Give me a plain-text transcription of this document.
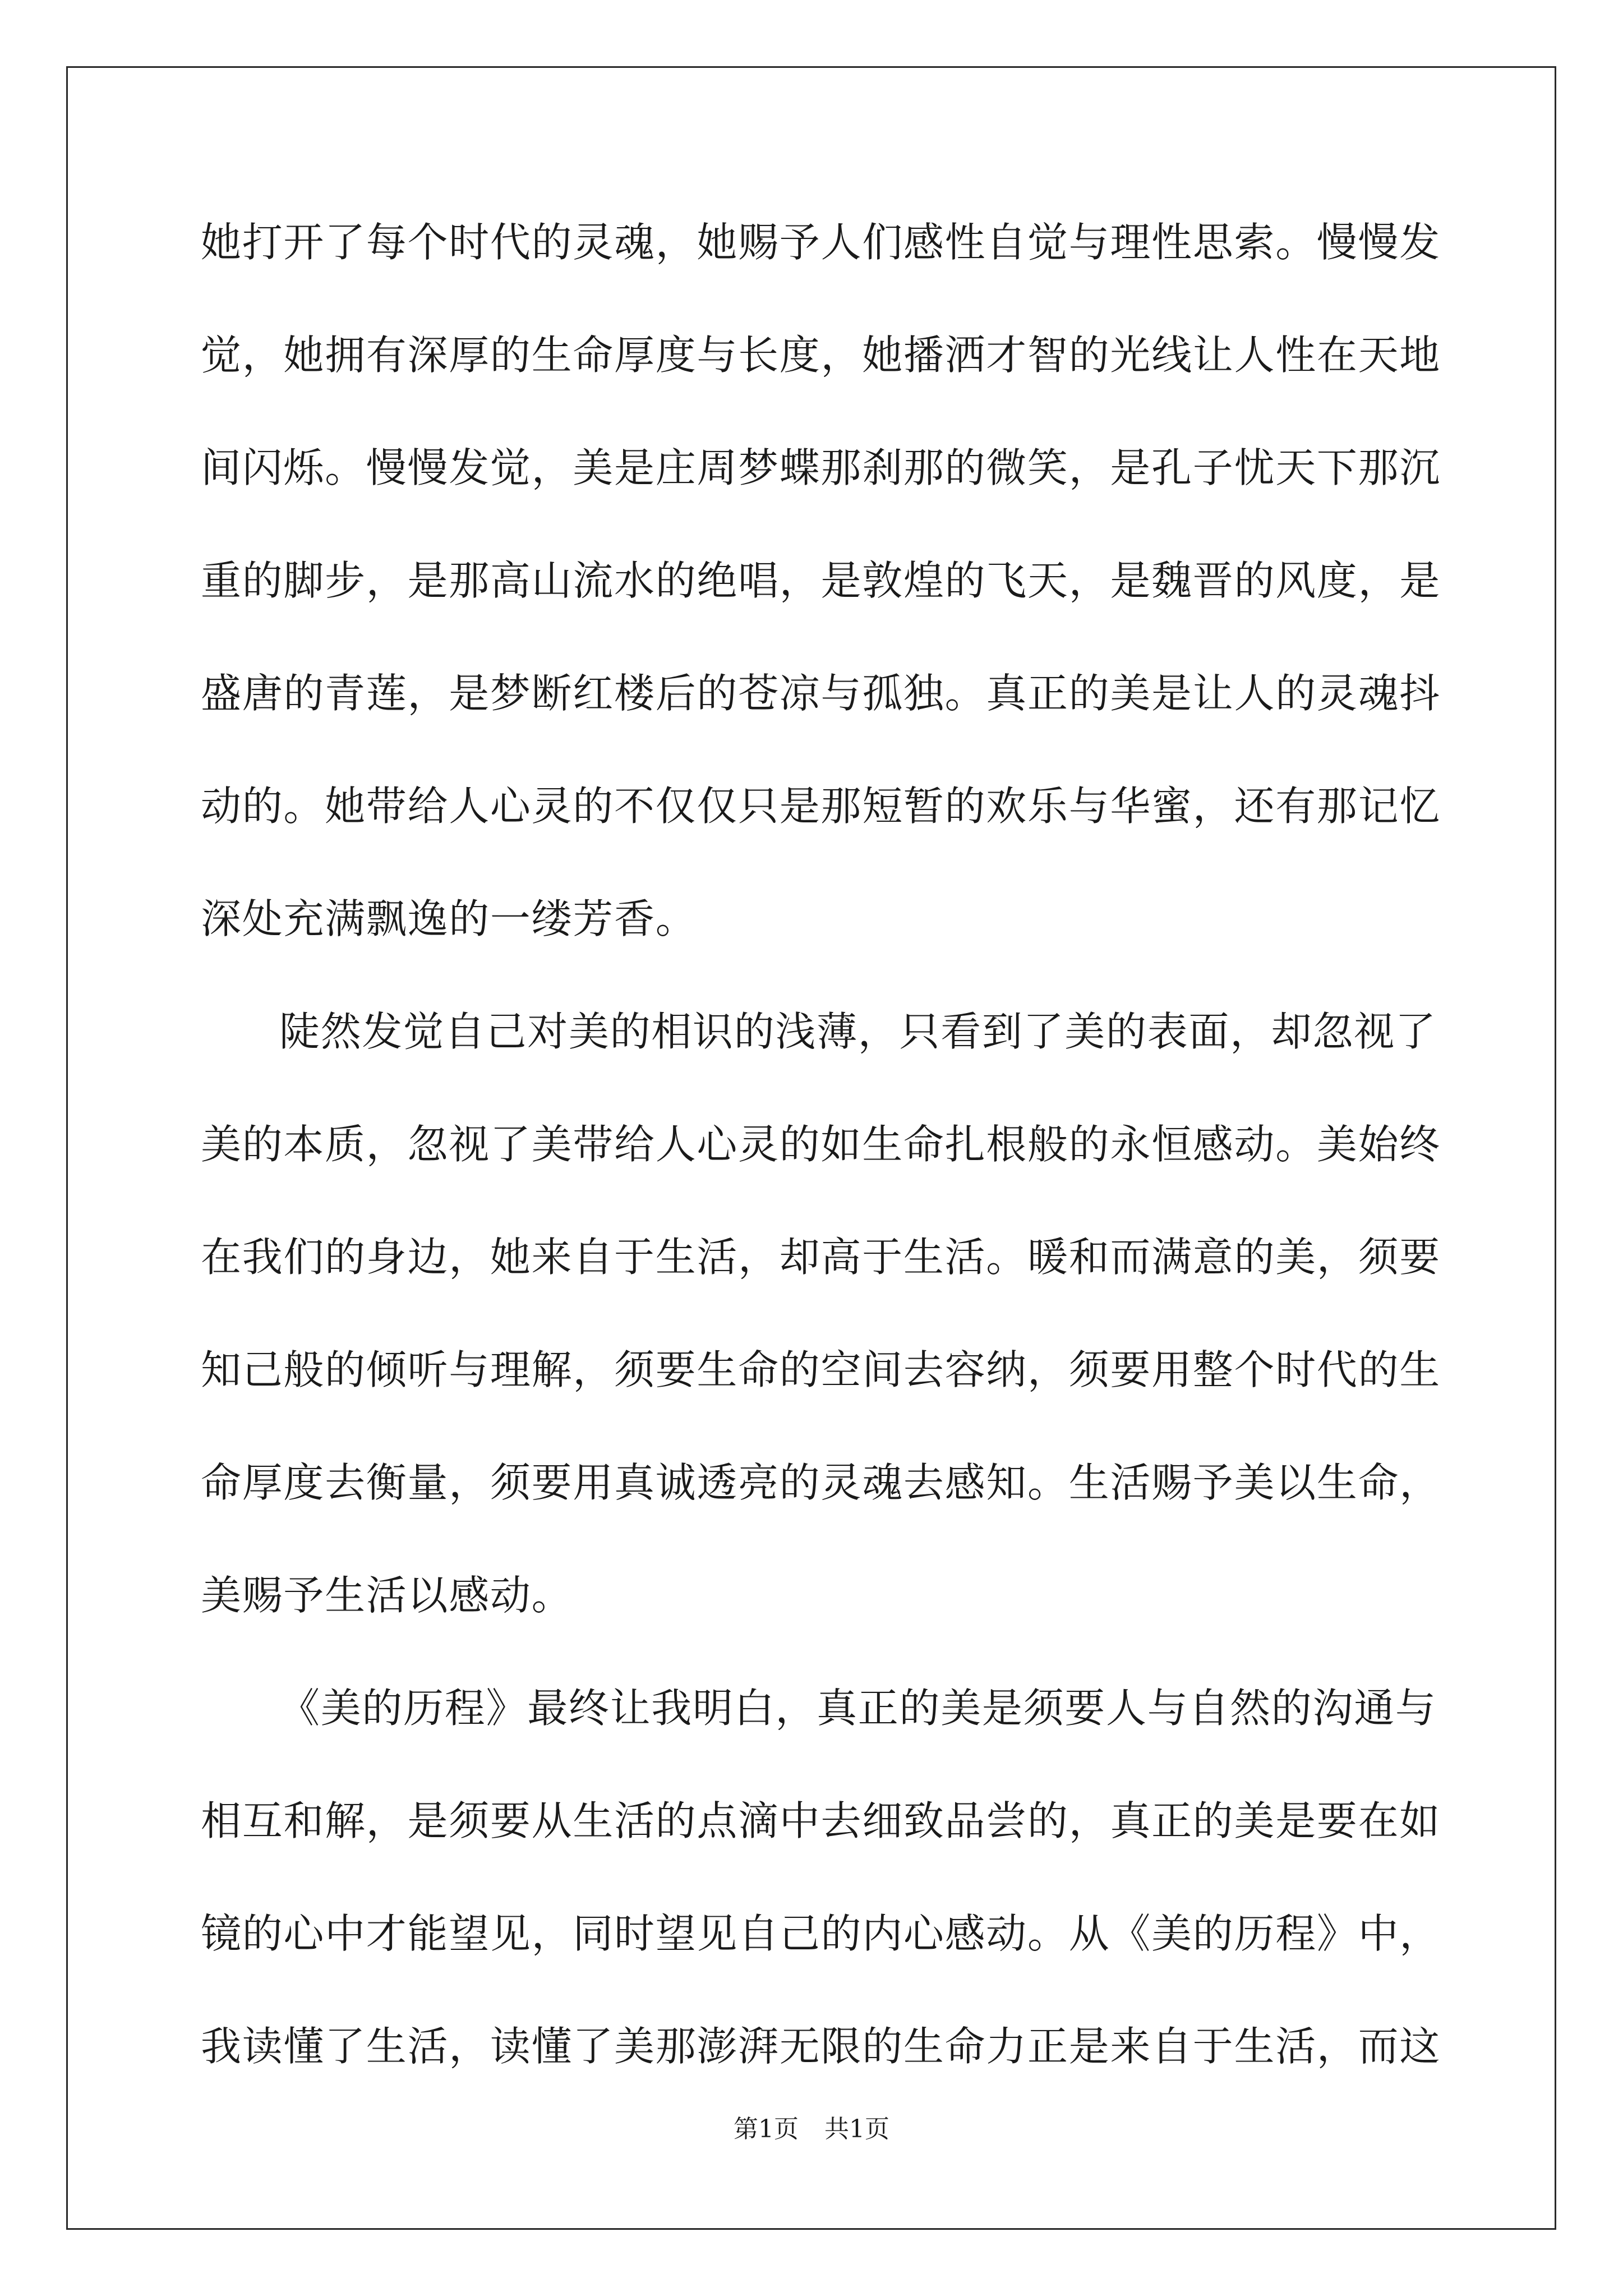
她打开了每个时代的灵魂，她赐予人们感性自觉与理性思索。慢慢发
觉，她拥有深厚的生命厚度与长度，她播洒才智的光线让人性在天地
间闪烁。慢慢发觉，美是庄周梦蝶那刹那的微笑，是孔子忧天下那沉
重的脚步，是那高山流水的绝唱，是敦煌的飞天，是魏晋的风度，是
盛唐的青莲，是梦断红楼后的苍凉与孤独。真正的美是让人的灵魂抖
动的。她带给人心灵的不仅仅只是那短暂的欢乐与华蜜，还有那记忆
深处充满飘逸的一缕芳香。
陡然发觉自己对美的相识的浅薄，只看到了美的表面，却忽视了
美的本质，忽视了美带给人心灵的如生命扎根般的永恒感动。美始终
在我们的身边，她来自于生活，却高于生活。暖和而满意的美，须要
知己般的倾听与理解，须要生命的空间去容纳，须要用整个时代的生
命厚度去衡量，须要用真诚透亮的灵魂去感知。生活赐予美以生命，
美赐予生活以感动。
《美的历程》最终让我明白，真正的美是须要人与自然的沟通与
相互和解，是须要从生活的点滴中去细致品尝的，真正的美是要在如
镜的心中才能望见，同时望见自己的内心感动。从《美的历程》中，
我读懂了生活，读懂了美那澎湃无限的生命力正是来自于生活，而这
第1页 共1页
